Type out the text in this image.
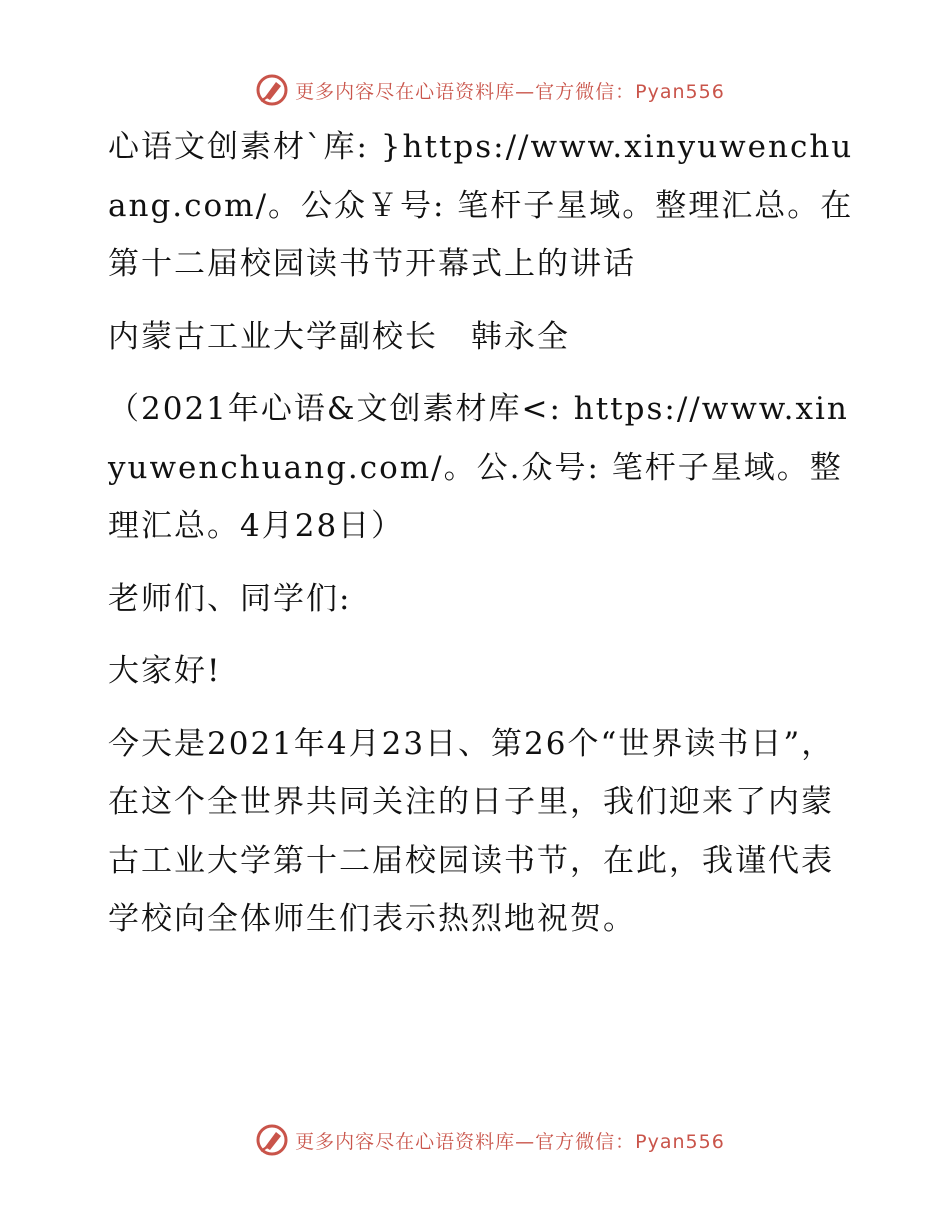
更多内容尽在心语资料库—官方微信：Pyan556

心语文创素材`库: }https://www.xinyuwenchuang.com/。公众￥号: 笔杆子星域。整理汇总。在第十二届校园读书节开幕式上的讲话

内蒙古工业大学副校长　韩永全

（2021年心语&文创素材库<: https://www.xinyuwenchuang.com/。公.众号: 笔杆子星域。整理汇总。4月28日）

老师们、同学们:

大家好!

今天是2021年4月23日、第26个“世界读书日”，在这个全世界共同关注的日子里，我们迎来了内蒙古工业大学第十二届校园读书节，在此，我谨代表学校向全体师生们表示热烈地祝贺。

更多内容尽在心语资料库—官方微信：Pyan556
